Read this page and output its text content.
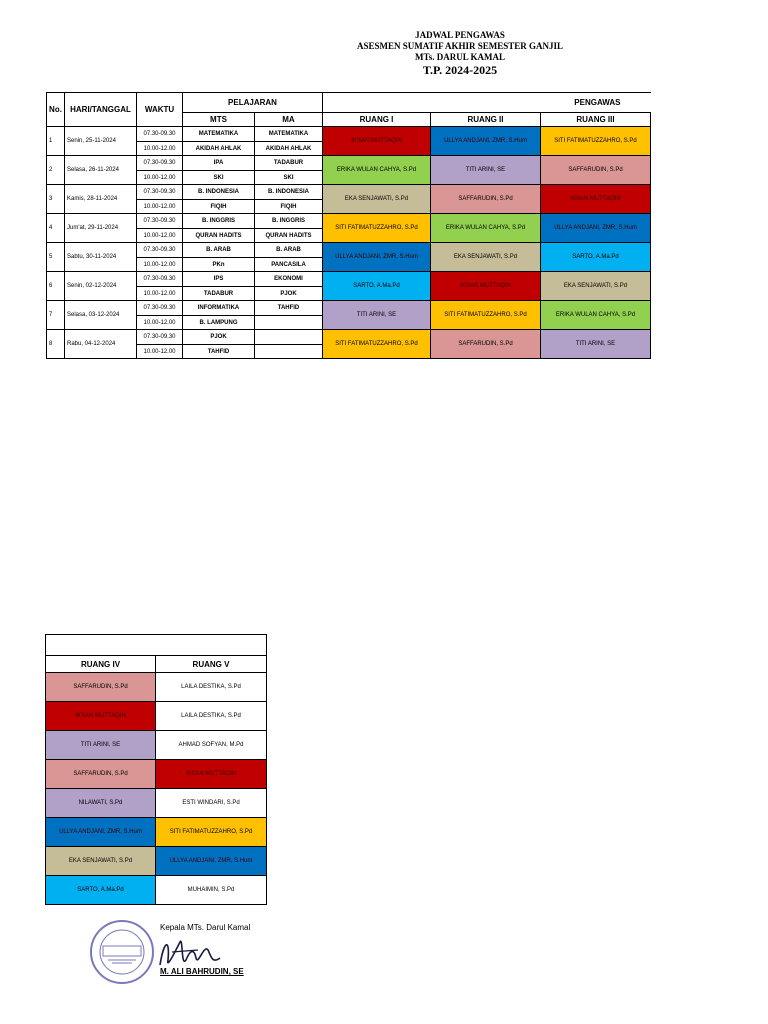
JADWAL PENGAWAS
ASESMEN SUMATIF AKHIR SEMESTER GANJIL
MTs. DARUL KAMAL
T.P. 2024-2025
No.	HARI/TANGGAL	WAKTU	PELAJARAN		PENGAWAS		
			MTS	MA	RUANG I	RUANG II	RUANG III
1	Senin, 25-11-2024	07.30-09.30	MATEMATIKA	MATEMATIKA	IKSAN MUTTAQIN	ULLYA ANDJANI, ZMR, S.Hum	SITI FATIMATUZZAHRO, S.Pd
		10.00-12.00	AKIDAH AHLAK	AKIDAH AHLAK			
2	Selasa, 26-11-2024	07.30-09.30	IPA	TADABUR	ERIKA WULAN CAHYA, S.Pd	TITI ARINI, SE	SAFFARUDIN, S.Pd
		10.00-12.00	SKI	SKI			
3	Kamis, 28-11-2024	07.30-09.30	B. INDONESIA	B. INDONESIA	EKA SENJAWATI, S.Pd	SAFFARUDIN, S.Pd	IKSAN MUTTAQIN
		10.00-12.00	FIQIH	FIQIH			
4	Jum'at, 29-11-2024	07.30-09.30	B. INGGRIS	B. INGGRIS	SITI FATIMATUZZAHRO, S.Pd	ERIKA WULAN CAHYA, S.Pd	ULLYA ANDJANI, ZMR, S.Hum
		10.00-12.00	QURAN HADITS	QURAN HADITS			
5	Sabtu, 30-11-2024	07.30-09.30	B. ARAB	B. ARAB	ULLYA ANDJANI, ZMR, S.Hum	EKA SENJAWATI, S.Pd	SARTO, A.Ma.Pd
		10.00-12.00	PKn	PANCASILA			
6	Senin, 02-12-2024	07.30-09.30	IPS	EKONOMI	SARTO, A.Ma.Pd	IKSAN MUTTAQIN	EKA SENJAWATI, S.Pd
		10.00-12.00	TADABUR	PJOK			
7	Selasa, 03-12-2024	07.30-09.30	INFORMATIKA	TAHFID	TITI ARINI, SE	SITI FATIMATUZZAHRO, S.Pd	ERIKA WULAN CAHYA, S.Pd
		10.00-12.00	B. LAMPUNG				
8	Rabu, 04-12-2024	07.30-09.30	PJOK		SITI FATIMATUZZAHRO, S.Pd	SAFFARUDIN, S.Pd	TITI ARINI, SE
		10.00-12.00	TAHFID				

RUANG IV	RUANG V
SAFFARUDIN, S.Pd	LAILA DESTIKA, S.Pd
IKSAN MUTTAQIN	LAILA DESTIKA, S.Pd
TITI ARINI, SE	AHMAD SOFYAN, M.Pd
SAFFARUDIN, S.Pd	IKSAN MUTTAQIN
NILAWATI, S.Pd	ESTI WINDARI, S.Pd
ULLYA ANDJANI, ZMR, S.Hum	SITI FATIMATUZZAHRO, S.Pd
EKA SENJAWATI, S.Pd	ULLYA ANDJANI, ZMR, S.Hum
SARTO, A.Ma.Pd	MUHAIMIN, S.Pd
Kepala MTs. Darul Kamal
M. ALI BAHRUDIN, SE
